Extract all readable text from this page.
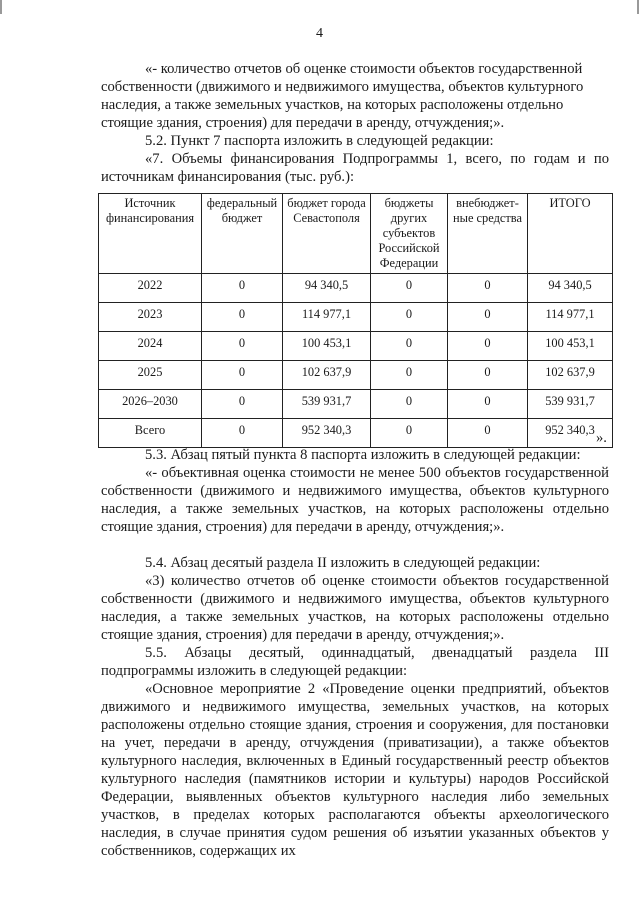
4

«- количество отчетов об оценке стоимости объектов государственной

собственности (движимого и недвижимого имущества, объектов культурного

наследия, а также земельных участков, на которых расположены отдельно

стоящие здания, строения) для передачи в аренду, отчуждения;».

5.2. Пункт 7 паспорта изложить в следующей редакции:

«7. Объемы финансирования Подпрограммы 1, всего, по годам и по источникам финансирования (тыс. руб.):

Источник финансирования	федеральный бюджет	бюджет города Севастополя	бюджеты других субъектов Российской Федерации	внебюджет-ные средства	ИТОГО
2022	0	94 340,5	0	0	94 340,5
2023	0	114 977,1	0	0	114 977,1
2024	0	100 453,1	0	0	100 453,1
2025	0	102 637,9	0	0	102 637,9
2026–2030	0	539 931,7	0	0	539 931,7
Всего	0	952 340,3	0	0	952 340,3 ».

5.3. Абзац пятый пункта 8 паспорта изложить в следующей редакции:

«- объективная оценка стоимости не менее 500 объектов государственной собственности (движимого и недвижимого имущества, объектов культурного наследия, а также земельных участков, на которых расположены отдельно стоящие здания, строения) для передачи в аренду, отчуждения;».

5.4. Абзац десятый раздела II изложить в следующей редакции:

«3) количество отчетов об оценке стоимости объектов государственной собственности (движимого и недвижимого имущества, объектов культурного наследия, а также земельных участков, на которых расположены отдельно стоящие здания, строения) для передачи в аренду, отчуждения;».

5.5. Абзацы десятый, одиннадцатый, двенадцатый раздела III подпрограммы изложить в следующей редакции:

«Основное мероприятие 2 «Проведение оценки предприятий, объектов движимого и недвижимого имущества, земельных участков, на которых расположены отдельно стоящие здания, строения и сооружения, для постановки на учет, передачи в аренду, отчуждения (приватизации), а также объектов культурного наследия, включенных в Единый государственный реестр объектов культурного наследия (памятников истории и культуры) народов Российской Федерации, выявленных объектов культурного наследия либо земельных участков, в пределах которых располагаются объекты археологического наследия, в случае принятия судом решения об изъятии указанных объектов у собственников, содержащих их
